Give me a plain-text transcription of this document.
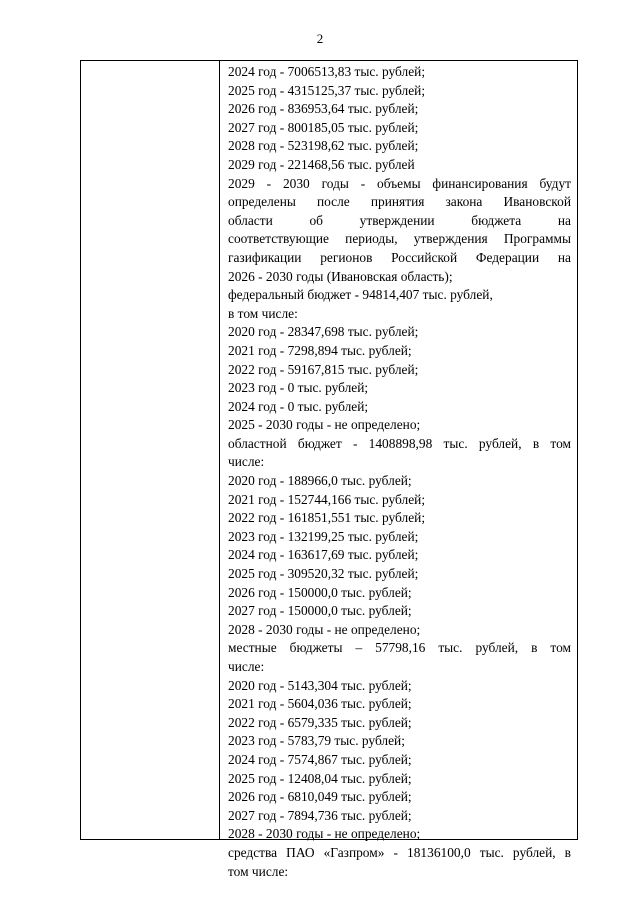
2
2024 год - 7006513,83 тыс. рублей;
2025 год - 4315125,37 тыс. рублей;
2026 год - 836953,64 тыс. рублей;
2027 год - 800185,05 тыс. рублей;
2028 год - 523198,62 тыс. рублей;
2029 год - 221468,56 тыс. рублей
2029 - 2030 годы - объемы финансирования будут
определены после принятия закона Ивановской
области об утверждении бюджета на
соответствующие периоды, утверждения Программы
газификации регионов Российской Федерации на
2026 - 2030 годы (Ивановская область);
федеральный бюджет - 94814,407 тыс. рублей,
в том числе:
2020 год - 28347,698 тыс. рублей;
2021 год - 7298,894 тыс. рублей;
2022 год - 59167,815 тыс. рублей;
2023 год - 0 тыс. рублей;
2024 год - 0 тыс. рублей;
2025 - 2030 годы - не определено;
областной бюджет - 1408898,98 тыс. рублей, в том
числе:
2020 год - 188966,0 тыс. рублей;
2021 год - 152744,166 тыс. рублей;
2022 год - 161851,551 тыс. рублей;
2023 год - 132199,25 тыс. рублей;
2024 год - 163617,69 тыс. рублей;
2025 год - 309520,32 тыс. рублей;
2026 год - 150000,0 тыс. рублей;
2027 год - 150000,0 тыс. рублей;
2028 - 2030 годы - не определено;
местные бюджеты – 57798,16 тыс. рублей, в том
числе:
2020 год - 5143,304 тыс. рублей;
2021 год - 5604,036 тыс. рублей;
2022 год - 6579,335 тыс. рублей;
2023 год - 5783,79 тыс. рублей;
2024 год - 7574,867 тыс. рублей;
2025 год - 12408,04 тыс. рублей;
2026 год - 6810,049 тыс. рублей;
2027 год - 7894,736 тыс. рублей;
2028 - 2030 годы - не определено;
средства ПАО «Газпром» - 18136100,0 тыс. рублей, в
том числе:
